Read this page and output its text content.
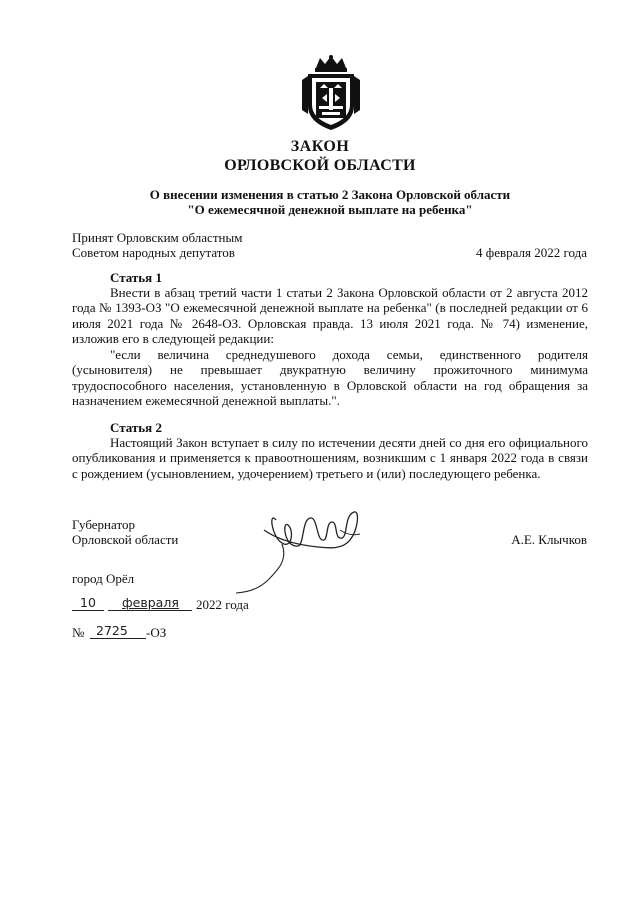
ЗАКОН
ОРЛОВСКОЙ ОБЛАСТИ
О внесении изменения в статью 2 Закона Орловской области
"О ежемесячной денежной выплате на ребенка"
Принят Орловским областным
Советом народных депутатов	4 февраля 2022 года
Статья 1

Внести в абзац третий части 1 статьи 2 Закона Орловской области от 2 августа 2012 года № 1393-ОЗ "О ежемесячной денежной выплате на ребенка" (в последней редакции от 6 июля 2021 года № 2648-ОЗ. Орловская правда. 13 июля 2021 года. № 74) изменение, изложив его в следующей редакции:

"если величина среднедушевого дохода семьи, единственного родителя (усыновителя) не превышает двукратную величину прожиточного минимума трудоспособного населения, установленную в Орловской области на год обращения за назначением ежемесячной денежной выплаты.".

Статья 2

Настоящий Закон вступает в силу по истечении десяти дней со дня его официального опубликования и применяется к правоотношениям, возникшим с 1 января 2022 года в связи с рождением (усыновлением, удочерением) третьего и (или) последующего ребенка.

Губернатор
Орловской области	А.Е. Клычков
город Орёл
10 февраля 2022 года
№ 2725 -ОЗ
